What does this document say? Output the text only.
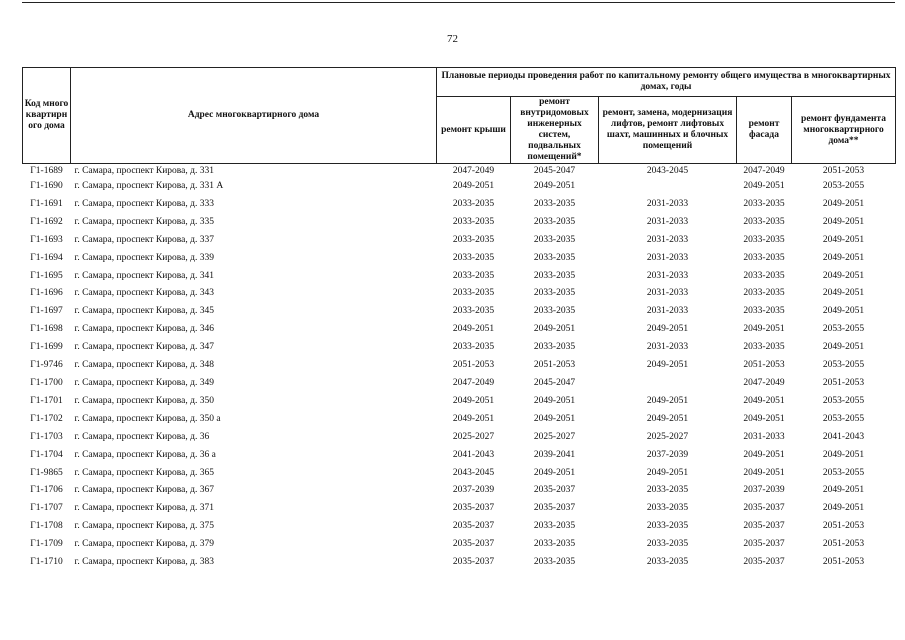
72
Код многоквартирного дома	Адрес многоквартирного дома	Плановые периоды проведения работ по капитальному ремонту общего имущества в многоквартирных домах, годы				
		ремонт крыши	ремонт внутридомовых инженерных систем, подвальных помещений*	ремонт, замена, модернизация лифтов, ремонт лифтовых шахт, машинных и блочных помещений	ремонт фасада	ремонт фундамента многоквартирного дома**
Г1-1689	г. Самара, проспект Кирова, д. 331	2047-2049	2045-2047	2043-2045	2047-2049	2051-2053
Г1-1690	г. Самара, проспект Кирова, д. 331 А	2049-2051	2049-2051		2049-2051	2053-2055
Г1-1691	г. Самара, проспект Кирова, д. 333	2033-2035	2033-2035	2031-2033	2033-2035	2049-2051
Г1-1692	г. Самара, проспект Кирова, д. 335	2033-2035	2033-2035	2031-2033	2033-2035	2049-2051
Г1-1693	г. Самара, проспект Кирова, д. 337	2033-2035	2033-2035	2031-2033	2033-2035	2049-2051
Г1-1694	г. Самара, проспект Кирова, д. 339	2033-2035	2033-2035	2031-2033	2033-2035	2049-2051
Г1-1695	г. Самара, проспект Кирова, д. 341	2033-2035	2033-2035	2031-2033	2033-2035	2049-2051
Г1-1696	г. Самара, проспект Кирова, д. 343	2033-2035	2033-2035	2031-2033	2033-2035	2049-2051
Г1-1697	г. Самара, проспект Кирова, д. 345	2033-2035	2033-2035	2031-2033	2033-2035	2049-2051
Г1-1698	г. Самара, проспект Кирова, д. 346	2049-2051	2049-2051	2049-2051	2049-2051	2053-2055
Г1-1699	г. Самара, проспект Кирова, д. 347	2033-2035	2033-2035	2031-2033	2033-2035	2049-2051
Г1-9746	г. Самара, проспект Кирова, д. 348	2051-2053	2051-2053	2049-2051	2051-2053	2053-2055
Г1-1700	г. Самара, проспект Кирова, д. 349	2047-2049	2045-2047		2047-2049	2051-2053
Г1-1701	г. Самара, проспект Кирова, д. 350	2049-2051	2049-2051	2049-2051	2049-2051	2053-2055
Г1-1702	г. Самара, проспект Кирова, д. 350 а	2049-2051	2049-2051	2049-2051	2049-2051	2053-2055
Г1-1703	г. Самара, проспект Кирова, д. 36	2025-2027	2025-2027	2025-2027	2031-2033	2041-2043
Г1-1704	г. Самара, проспект Кирова, д. 36 а	2041-2043	2039-2041	2037-2039	2049-2051	2049-2051
Г1-9865	г. Самара, проспект Кирова, д. 365	2043-2045	2049-2051	2049-2051	2049-2051	2053-2055
Г1-1706	г. Самара, проспект Кирова, д. 367	2037-2039	2035-2037	2033-2035	2037-2039	2049-2051
Г1-1707	г. Самара, проспект Кирова, д. 371	2035-2037	2035-2037	2033-2035	2035-2037	2049-2051
Г1-1708	г. Самара, проспект Кирова, д. 375	2035-2037	2033-2035	2033-2035	2035-2037	2051-2053
Г1-1709	г. Самара, проспект Кирова, д. 379	2035-2037	2033-2035	2033-2035	2035-2037	2051-2053
Г1-1710	г. Самара, проспект Кирова, д. 383	2035-2037	2033-2035	2033-2035	2035-2037	2051-2053
